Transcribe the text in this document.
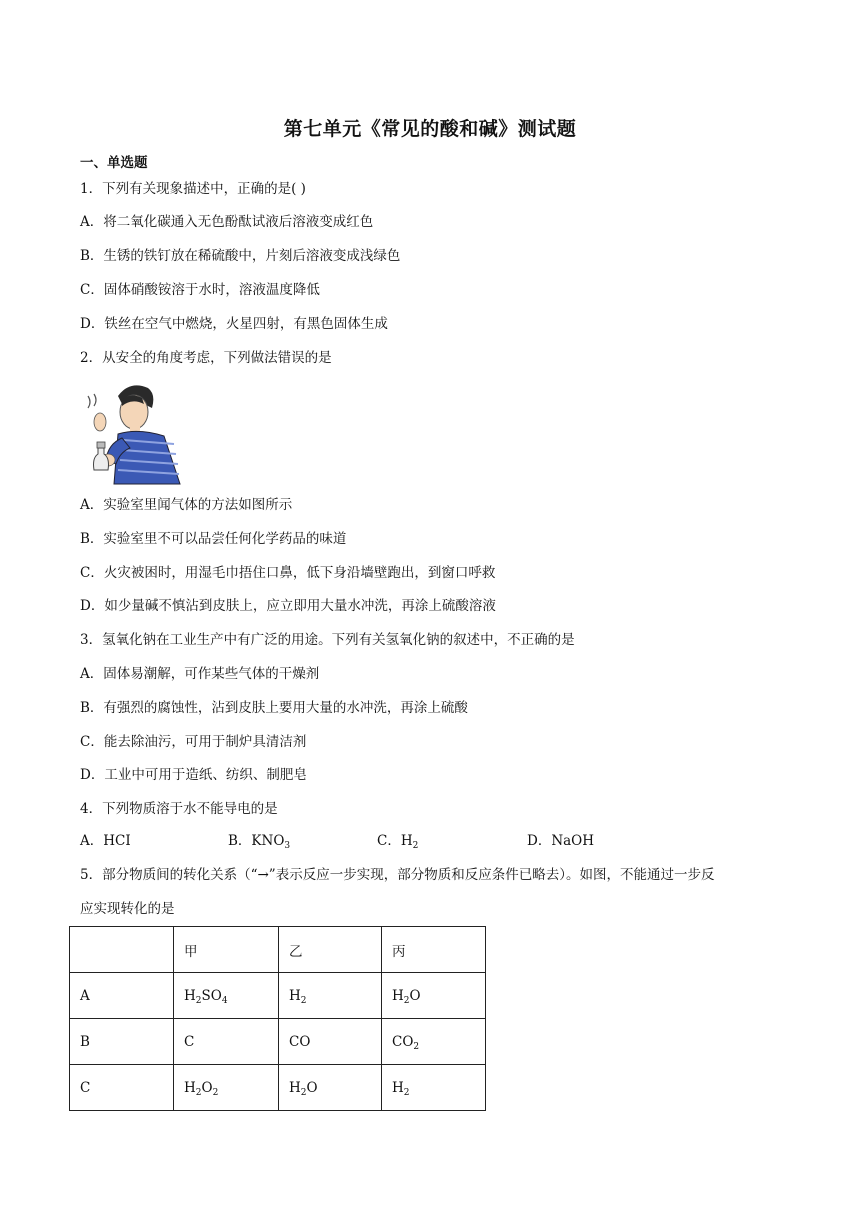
第七单元《常见的酸和碱》测试题
一、单选题
1．下列有关现象描述中，正确的是( )
A．将二氧化碳通入无色酚酞试液后溶液变成红色
B．生锈的铁钉放在稀硫酸中，片刻后溶液变成浅绿色
C．固体硝酸铵溶于水时，溶液温度降低
D．铁丝在空气中燃烧，火星四射，有黑色固体生成
2．从安全的角度考虑，下列做法错误的是
A．实验室里闻气体的方法如图所示
B．实验室里不可以品尝任何化学药品的味道
C．火灾被困时，用湿毛巾捂住口鼻，低下身沿墙壁跑出，到窗口呼救
D．如少量碱不慎沾到皮肤上，应立即用大量水冲洗，再涂上硫酸溶液
3．氢氧化钠在工业生产中有广泛的用途。下列有关氢氧化钠的叙述中，不正确的是
A．固体易潮解，可作某些气体的干燥剂
B．有强烈的腐蚀性，沾到皮肤上要用大量的水冲洗，再涂上硫酸
C．能去除油污，可用于制炉具清洁剂
D．工业中可用于造纸、纺织、制肥皂
4．下列物质溶于水不能导电的是
A．HCI	B．$KNO_3$	C．$H_2$	D．NaOH
5．部分物质间的转化关系（“→”表示反应一步实现，部分物质和反应条件已略去）。如图，不能通过一步反
应实现转化的是
	甲	乙	丙
A	$H_2SO_4$	$H_2$	$H_2O$
B	C	CO	$CO_2$
C	$H_2O_2$	$H_2O$	$H_2$
